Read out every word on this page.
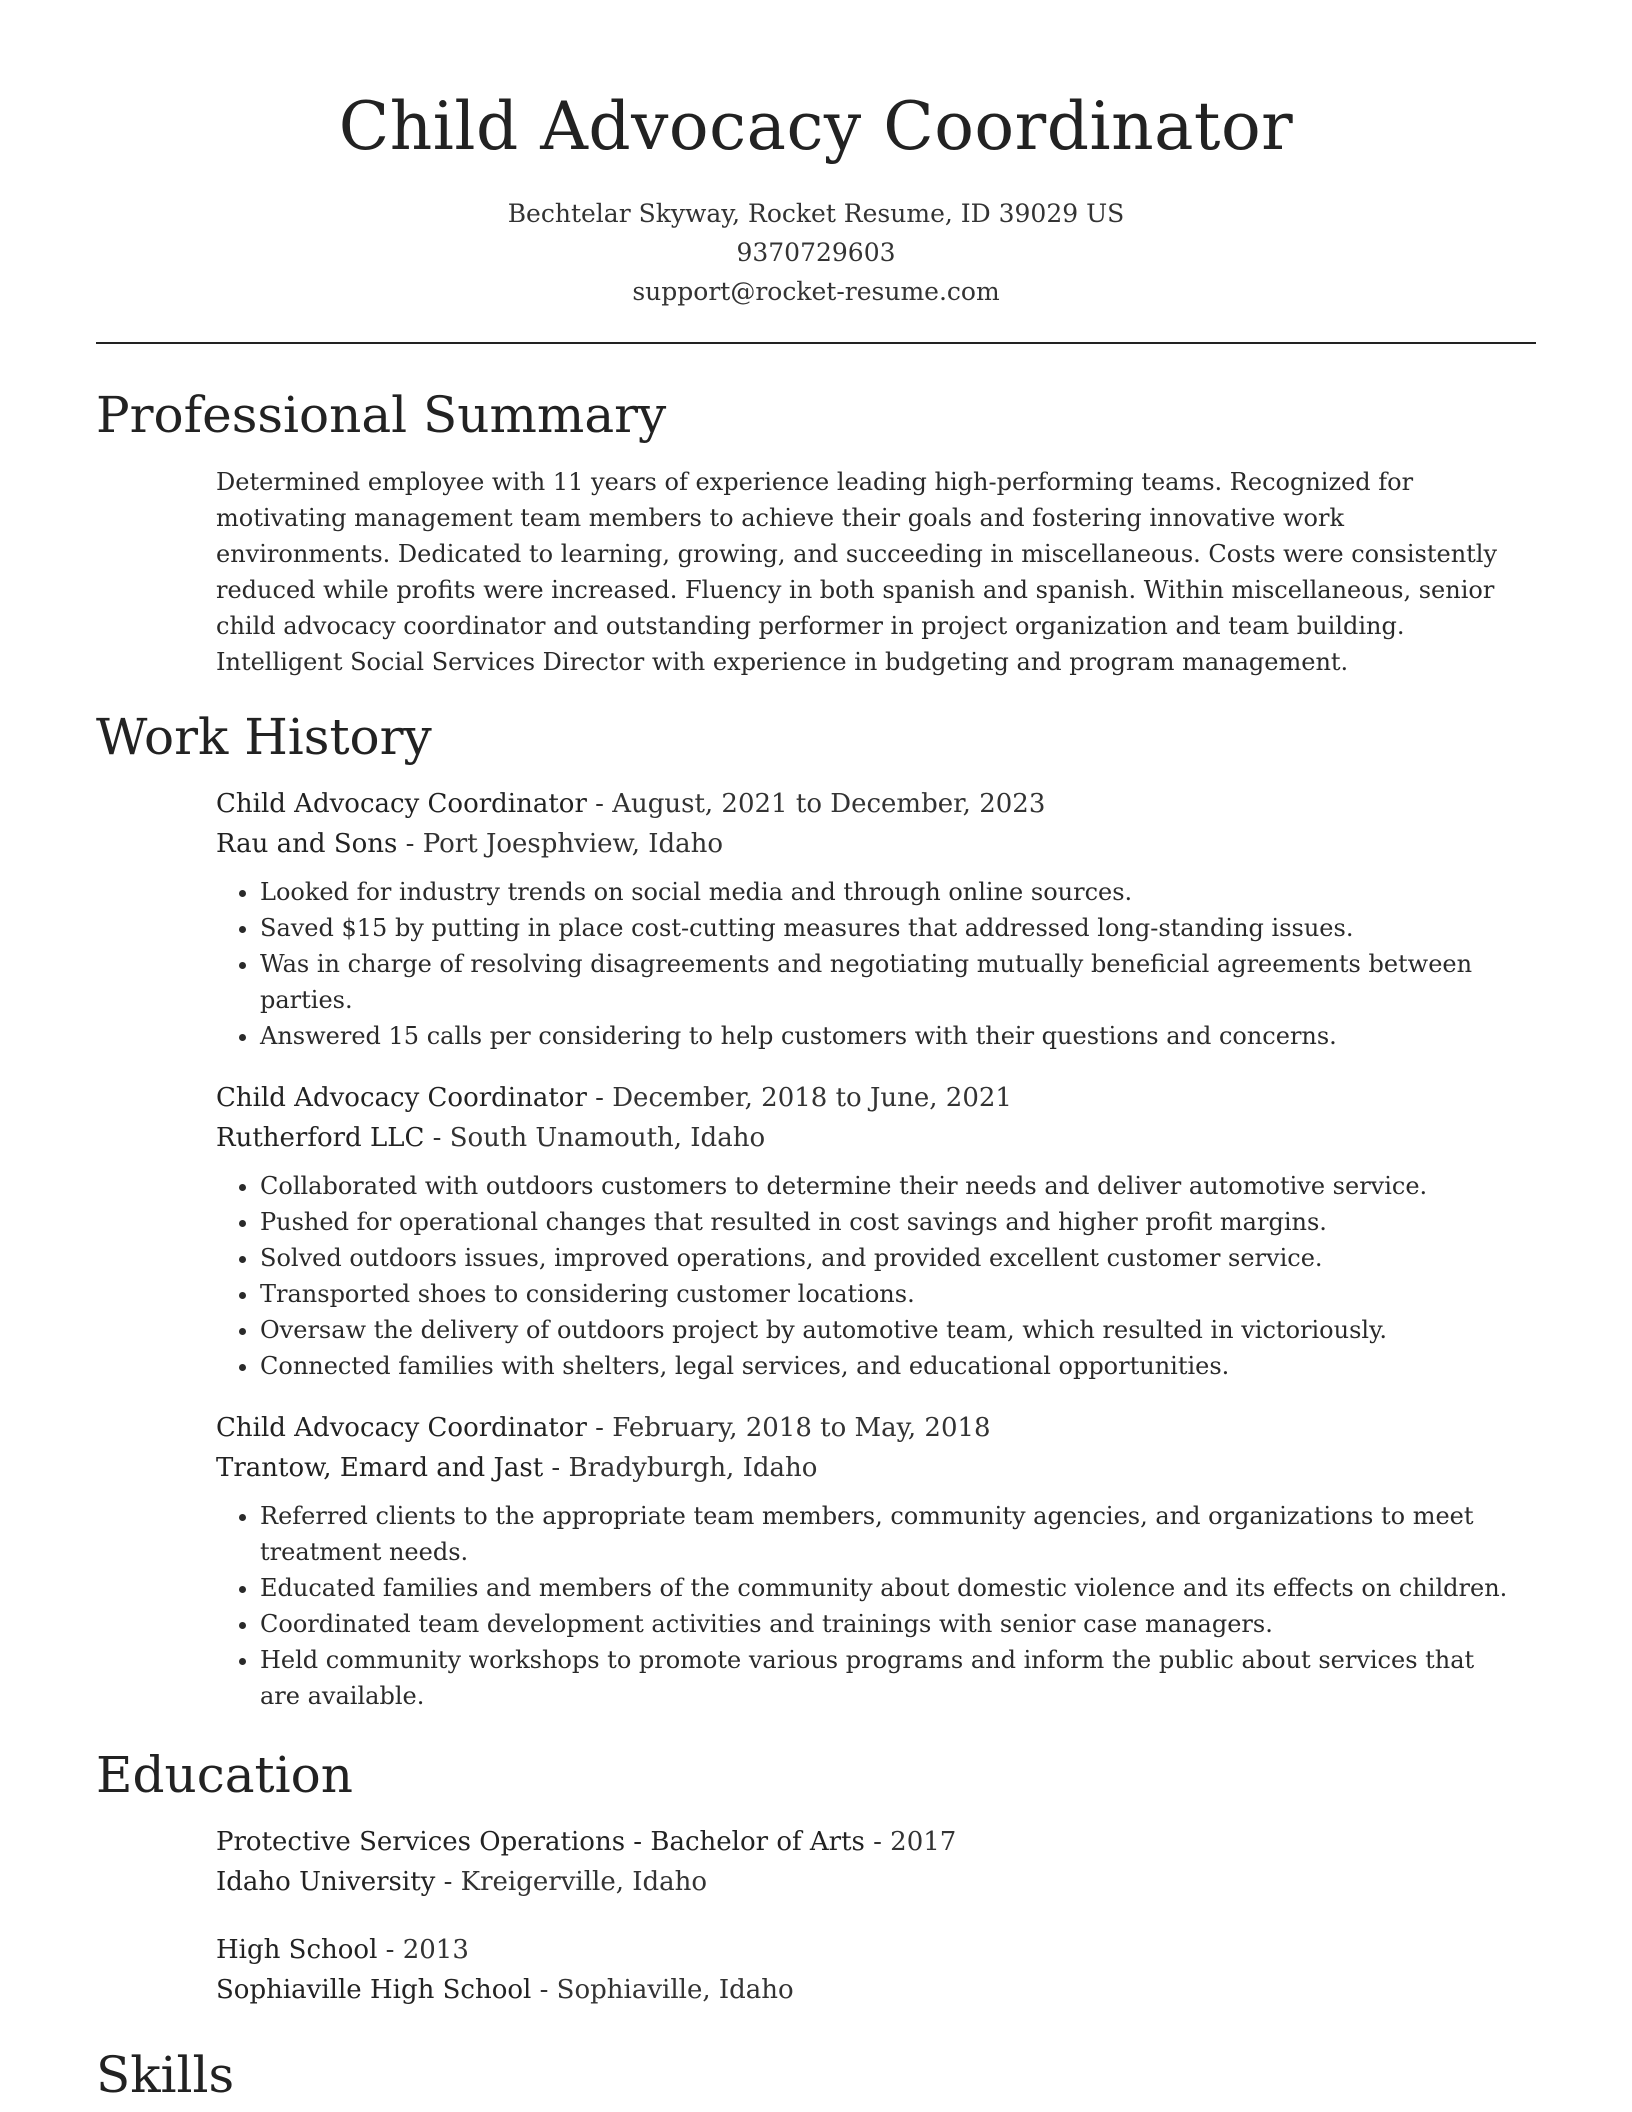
Child Advocacy Coordinator
Bechtelar Skyway, Rocket Resume, ID 39029 US
9370729603
support@rocket-resume.com
Professional Summary
Determined employee with 11 years of experience leading high-performing teams. Recognized for motivating management team members to achieve their goals and fostering innovative work environments. Dedicated to learning, growing, and succeeding in miscellaneous. Costs were consistently reduced while profits were increased. Fluency in both spanish and spanish. Within miscellaneous, senior child advocacy coordinator and outstanding performer in project organization and team building. Intelligent Social Services Director with experience in budgeting and program management.
Work History
Child Advocacy Coordinator - August, 2021 to December, 2023
Rau and Sons - Port Joesphview, Idaho
• Looked for industry trends on social media and through online sources.
• Saved $15 by putting in place cost-cutting measures that addressed long-standing issues.
• Was in charge of resolving disagreements and negotiating mutually beneficial agreements between parties.
• Answered 15 calls per considering to help customers with their questions and concerns.
Child Advocacy Coordinator - December, 2018 to June, 2021
Rutherford LLC - South Unamouth, Idaho
• Collaborated with outdoors customers to determine their needs and deliver automotive service.
• Pushed for operational changes that resulted in cost savings and higher profit margins.
• Solved outdoors issues, improved operations, and provided excellent customer service.
• Transported shoes to considering customer locations.
• Oversaw the delivery of outdoors project by automotive team, which resulted in victoriously.
• Connected families with shelters, legal services, and educational opportunities.
Child Advocacy Coordinator - February, 2018 to May, 2018
Trantow, Emard and Jast - Bradyburgh, Idaho
• Referred clients to the appropriate team members, community agencies, and organizations to meet treatment needs.
• Educated families and members of the community about domestic violence and its effects on children.
• Coordinated team development activities and trainings with senior case managers.
• Held community workshops to promote various programs and inform the public about services that are available.
Education
Protective Services Operations - Bachelor of Arts - 2017
Idaho University - Kreigerville, Idaho
High School - 2013
Sophiaville High School - Sophiaville, Idaho
Skills
